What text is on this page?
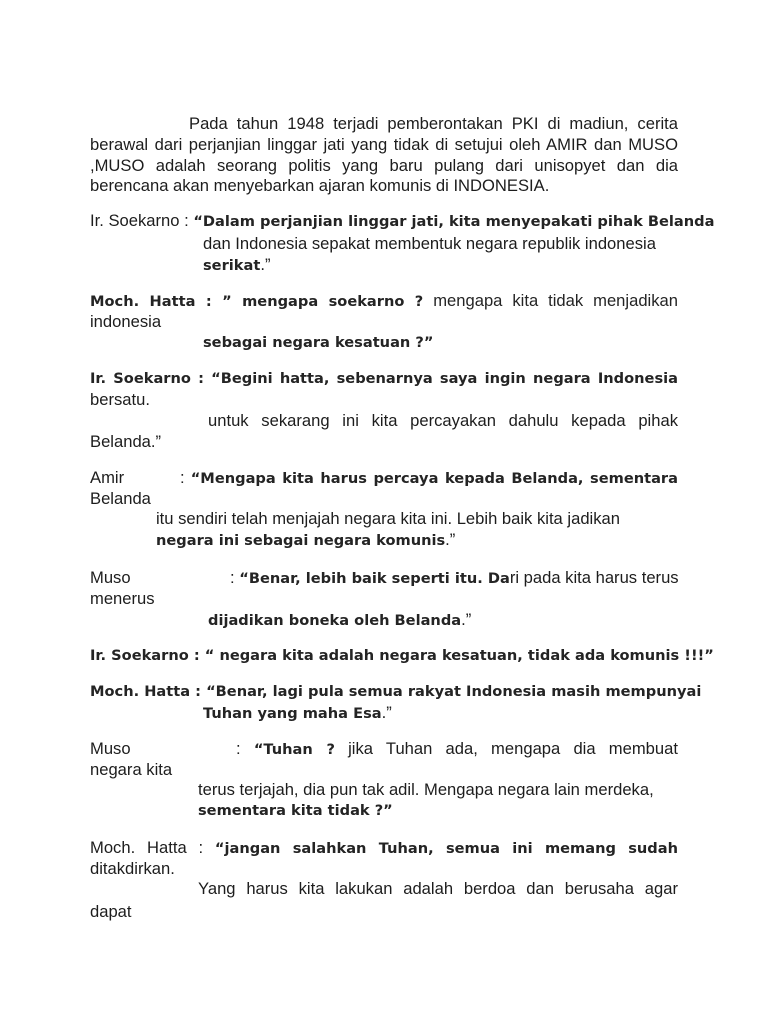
Pada tahun 1948 terjadi pemberontakan PKI di madiun, cerita

berawal dari perjanjian linggar jati yang tidak di setujui oleh AMIR dan MUSO

,MUSO adalah seorang politis yang baru pulang dari unisopyet dan dia

berencana akan menyebarkan ajaran komunis di INDONESIA.

Ir. Soekarno : “Dalam perjanjian linggar jati, kita menyepakati pihak Belanda

dan Indonesia sepakat membentuk negara republik indonesia

serikat.”

Moch. Hatta : ” mengapa soekarno ? mengapa kita tidak menjadikan

indonesia

sebagai negara kesatuan ?”

Ir. Soekarno : “Begini hatta, sebenarnya saya ingin negara Indonesia

bersatu.

untuk sekarang ini kita percayakan dahulu kepada pihak

Belanda.”

Amir	: “Mengapa kita harus percaya kepada Belanda, sementara

Belanda

itu sendiri telah menjajah negara kita ini. Lebih baik kita jadikan

negara ini sebagai negara komunis.”

Muso	: “Benar, lebih baik seperti itu. Dari pada kita harus terus

menerus

dijadikan boneka oleh Belanda.”

Ir. Soekarno : “ negara kita adalah negara kesatuan, tidak ada komunis !!!”

Moch. Hatta : “Benar, lagi pula semua rakyat Indonesia masih mempunyai

Tuhan yang maha Esa.”

Muso	: “Tuhan ? jika Tuhan ada, mengapa dia membuat

negara kita

terus terjajah, dia pun tak adil. Mengapa negara lain merdeka,

sementara kita tidak ?”

Moch. Hatta : “jangan salahkan Tuhan, semua ini memang sudah

ditakdirkan.

Yang harus kita lakukan adalah berdoa dan berusaha agar

dapat
